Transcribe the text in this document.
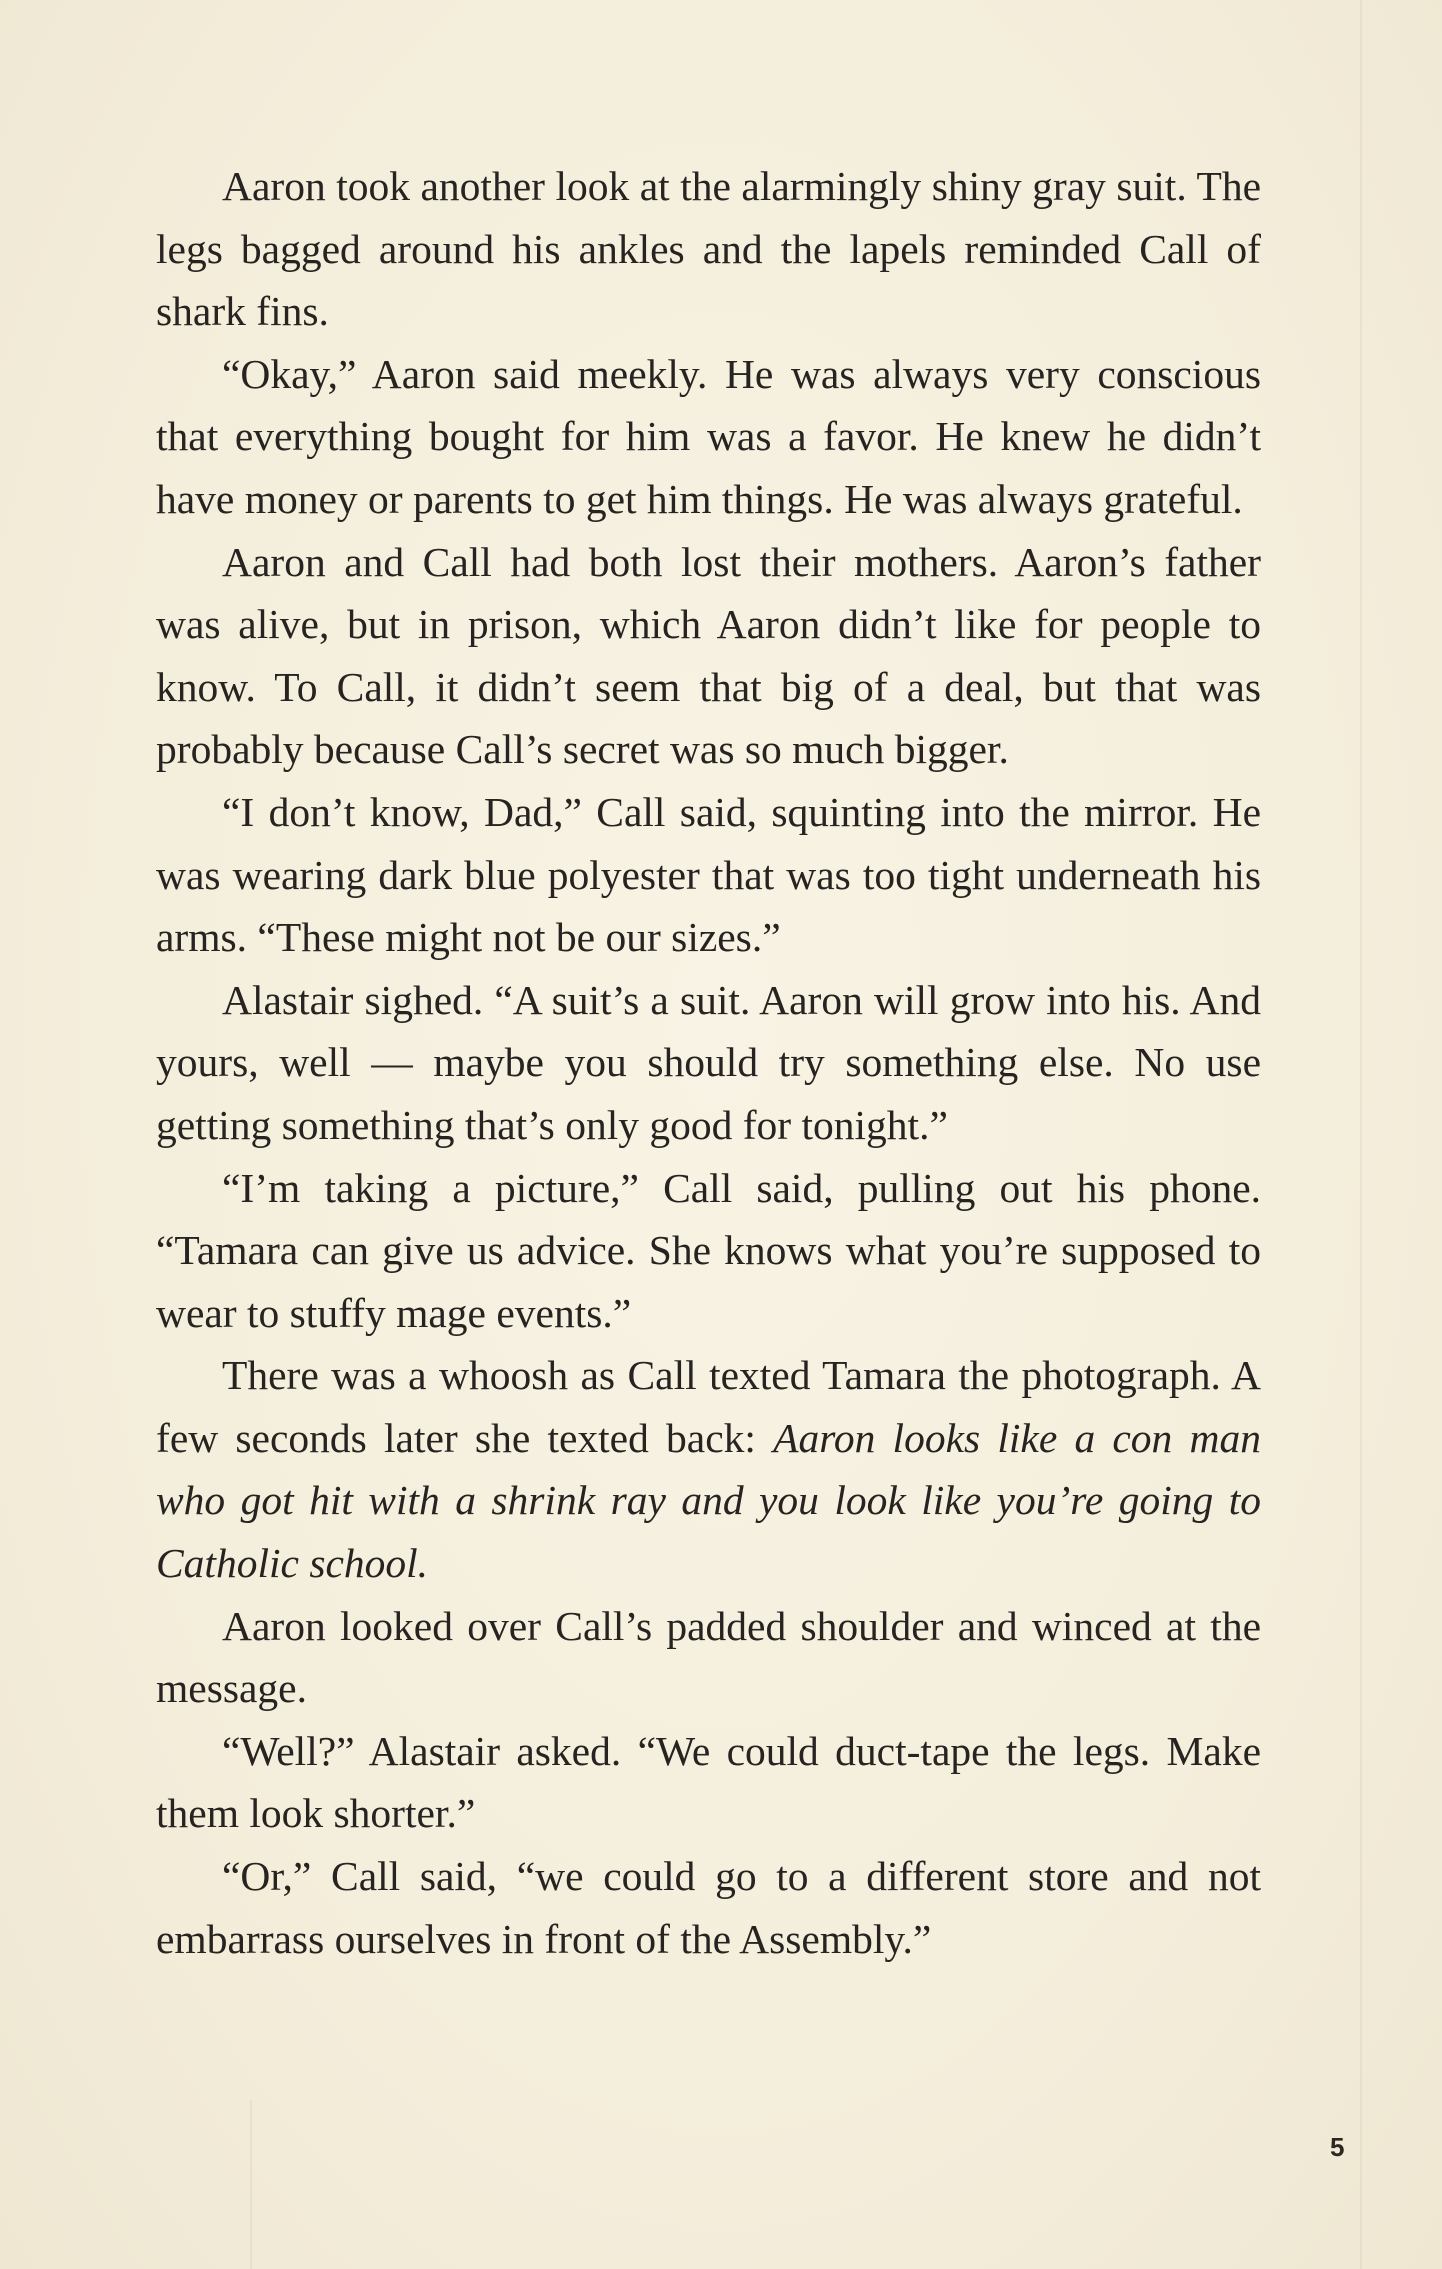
Aaron took another look at the alarmingly shiny gray suit. The legs bagged around his ankles and the lapels reminded Call of shark fins.

“Okay,” Aaron said meekly. He was always very conscious that everything bought for him was a favor. He knew he didn’t have money or parents to get him things. He was always grateful.

Aaron and Call had both lost their mothers. Aaron’s father was alive, but in prison, which Aaron didn’t like for people to know. To Call, it didn’t seem that big of a deal, but that was probably because Call’s secret was so much bigger.

“I don’t know, Dad,” Call said, squinting into the mirror. He was wearing dark blue polyester that was too tight underneath his arms. “These might not be our sizes.”

Alastair sighed. “A suit’s a suit. Aaron will grow into his. And yours, well — maybe you should try something else. No use getting something that’s only good for tonight.”

“I’m taking a picture,” Call said, pulling out his phone. “Tamara can give us advice. She knows what you’re supposed to wear to stuffy mage events.”

There was a whoosh as Call texted Tamara the photograph. A few seconds later she texted back: Aaron looks like a con man who got hit with a shrink ray and you look like you’re going to Catholic school.

Aaron looked over Call’s padded shoulder and winced at the message.

“Well?” Alastair asked. “We could duct-tape the legs. Make them look shorter.”

“Or,” Call said, “we could go to a different store and not embarrass ourselves in front of the Assembly.”

5
